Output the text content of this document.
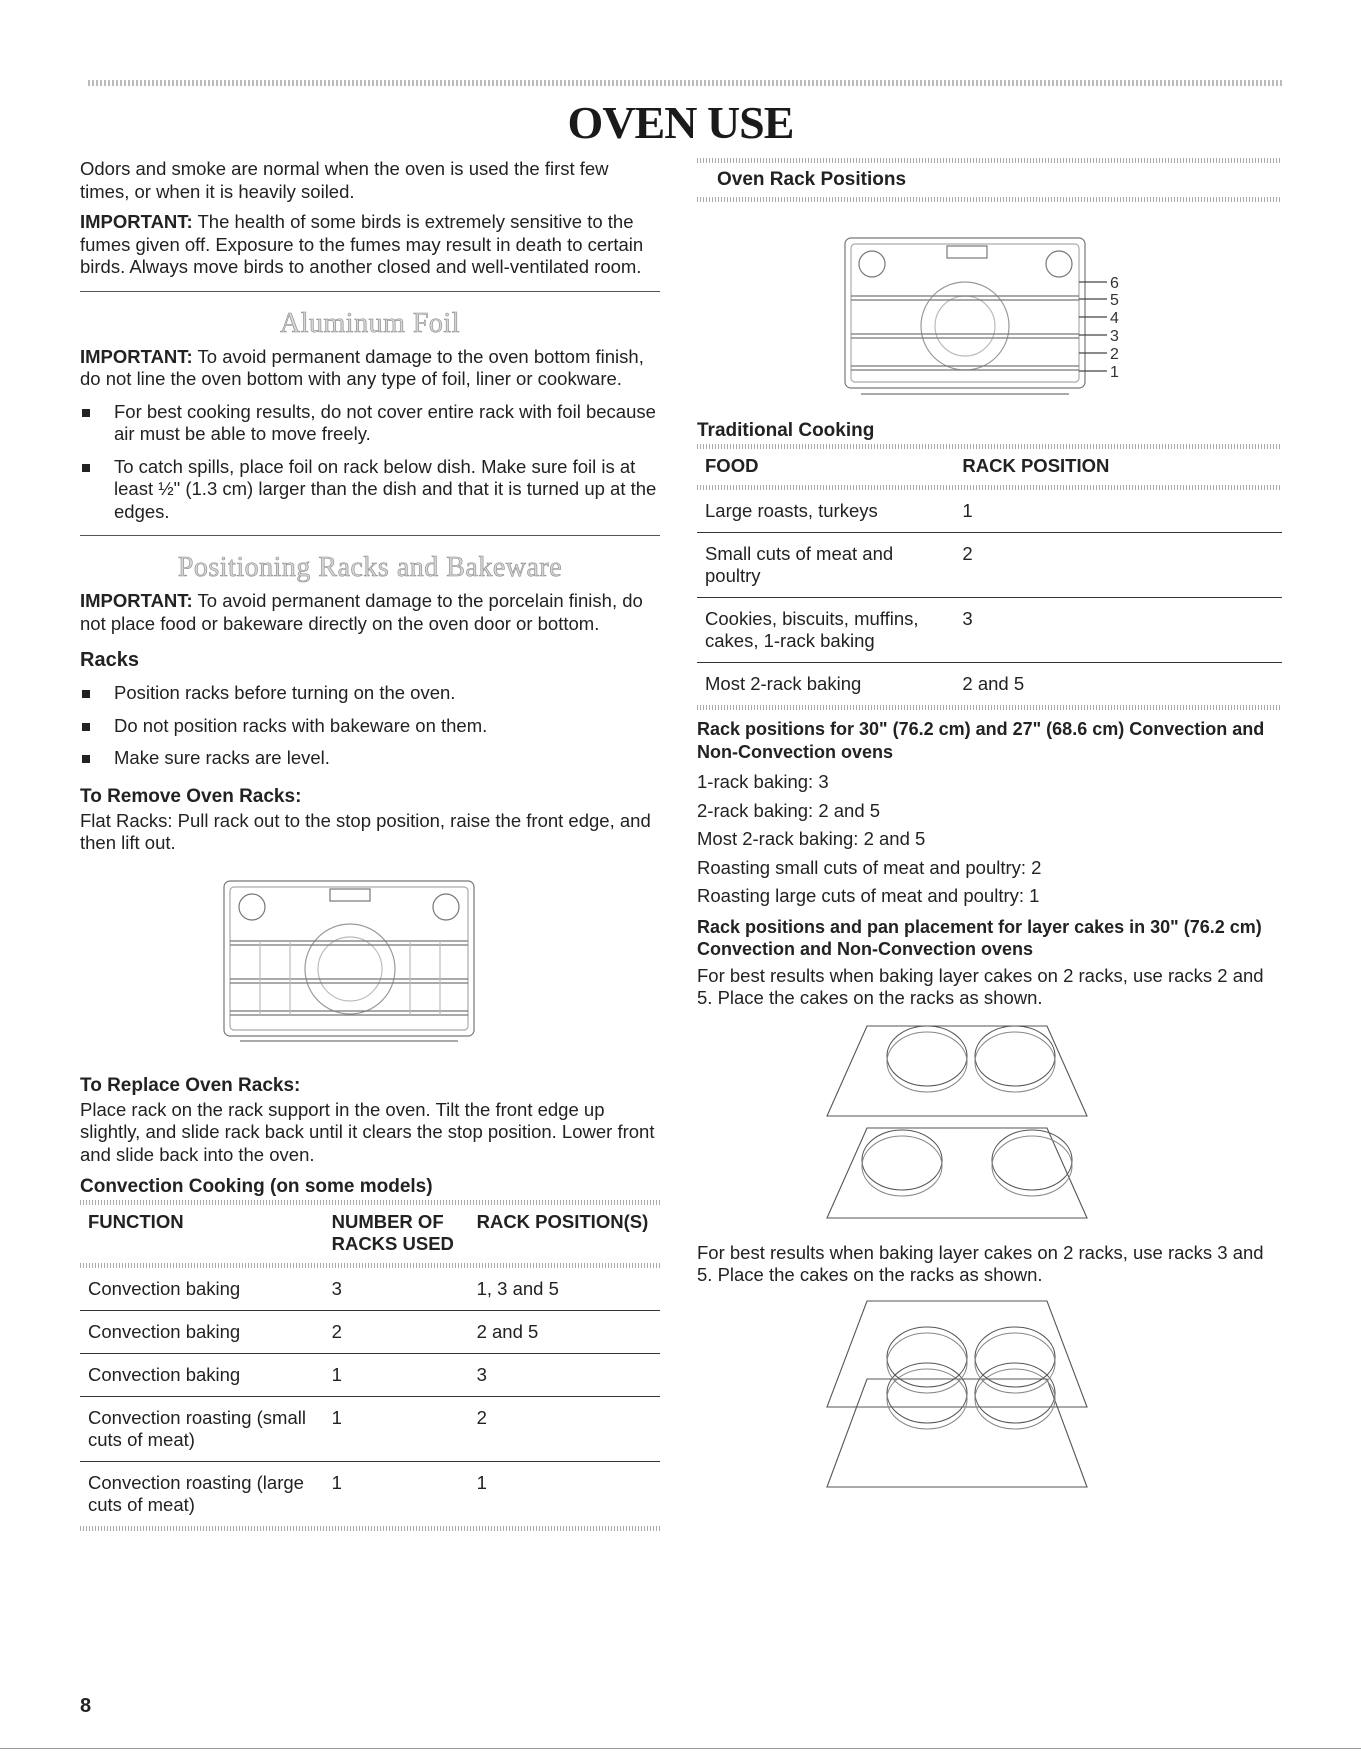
OVEN USE

Odors and smoke are normal when the oven is used the first few times, or when it is heavily soiled.

IMPORTANT: The health of some birds is extremely sensitive to the fumes given off. Exposure to the fumes may result in death to certain birds. Always move birds to another closed and well-ventilated room.

Aluminum Foil

IMPORTANT: To avoid permanent damage to the oven bottom finish, do not line the oven bottom with any type of foil, liner or cookware.

For best cooking results, do not cover entire rack with foil because air must be able to move freely.
To catch spills, place foil on rack below dish. Make sure foil is at least ½" (1.3 cm) larger than the dish and that it is turned up at the edges.
Positioning Racks and Bakeware

IMPORTANT: To avoid permanent damage to the porcelain finish, do not place food or bakeware directly on the oven door or bottom.

Racks
Position racks before turning on the oven.
Do not position racks with bakeware on them.
Make sure racks are level.
To Remove Oven Racks:

Flat Racks: Pull rack out to the stop position, raise the front edge, and then lift out.

To Replace Oven Racks:

Place rack on the rack support in the oven. Tilt the front edge up slightly, and slide rack back until it clears the stop position. Lower front and slide back into the oven.

Convection Cooking (on some models)
FUNCTION	NUMBER OF RACKS USED	RACK POSITION(S)

Convection baking	3	1, 3 and 5
Convection baking	2	2 and 5
Convection baking	1	3
Convection roasting (small cuts of meat)	1	2
Convection roasting (large cuts of meat)	1	1
Oven Rack Positions
6
5
4
3
2
1
Traditional Cooking
FOOD	RACK POSITION

Large roasts, turkeys	1
Small cuts of meat and poultry	2
Cookies, biscuits, muffins, cakes, 1-rack baking	3
Most 2-rack baking	2 and 5

Rack positions for 30" (76.2 cm) and 27" (68.6 cm) Convection and Non-Convection ovens

1-rack baking: 3

2-rack baking: 2 and 5

Most 2-rack baking: 2 and 5

Roasting small cuts of meat and poultry: 2

Roasting large cuts of meat and poultry: 1

Rack positions and pan placement for layer cakes in 30" (76.2 cm) Convection and Non-Convection ovens

For best results when baking layer cakes on 2 racks, use racks 2 and 5. Place the cakes on the racks as shown.

For best results when baking layer cakes on 2 racks, use racks 3 and 5. Place the cakes on the racks as shown.

8
